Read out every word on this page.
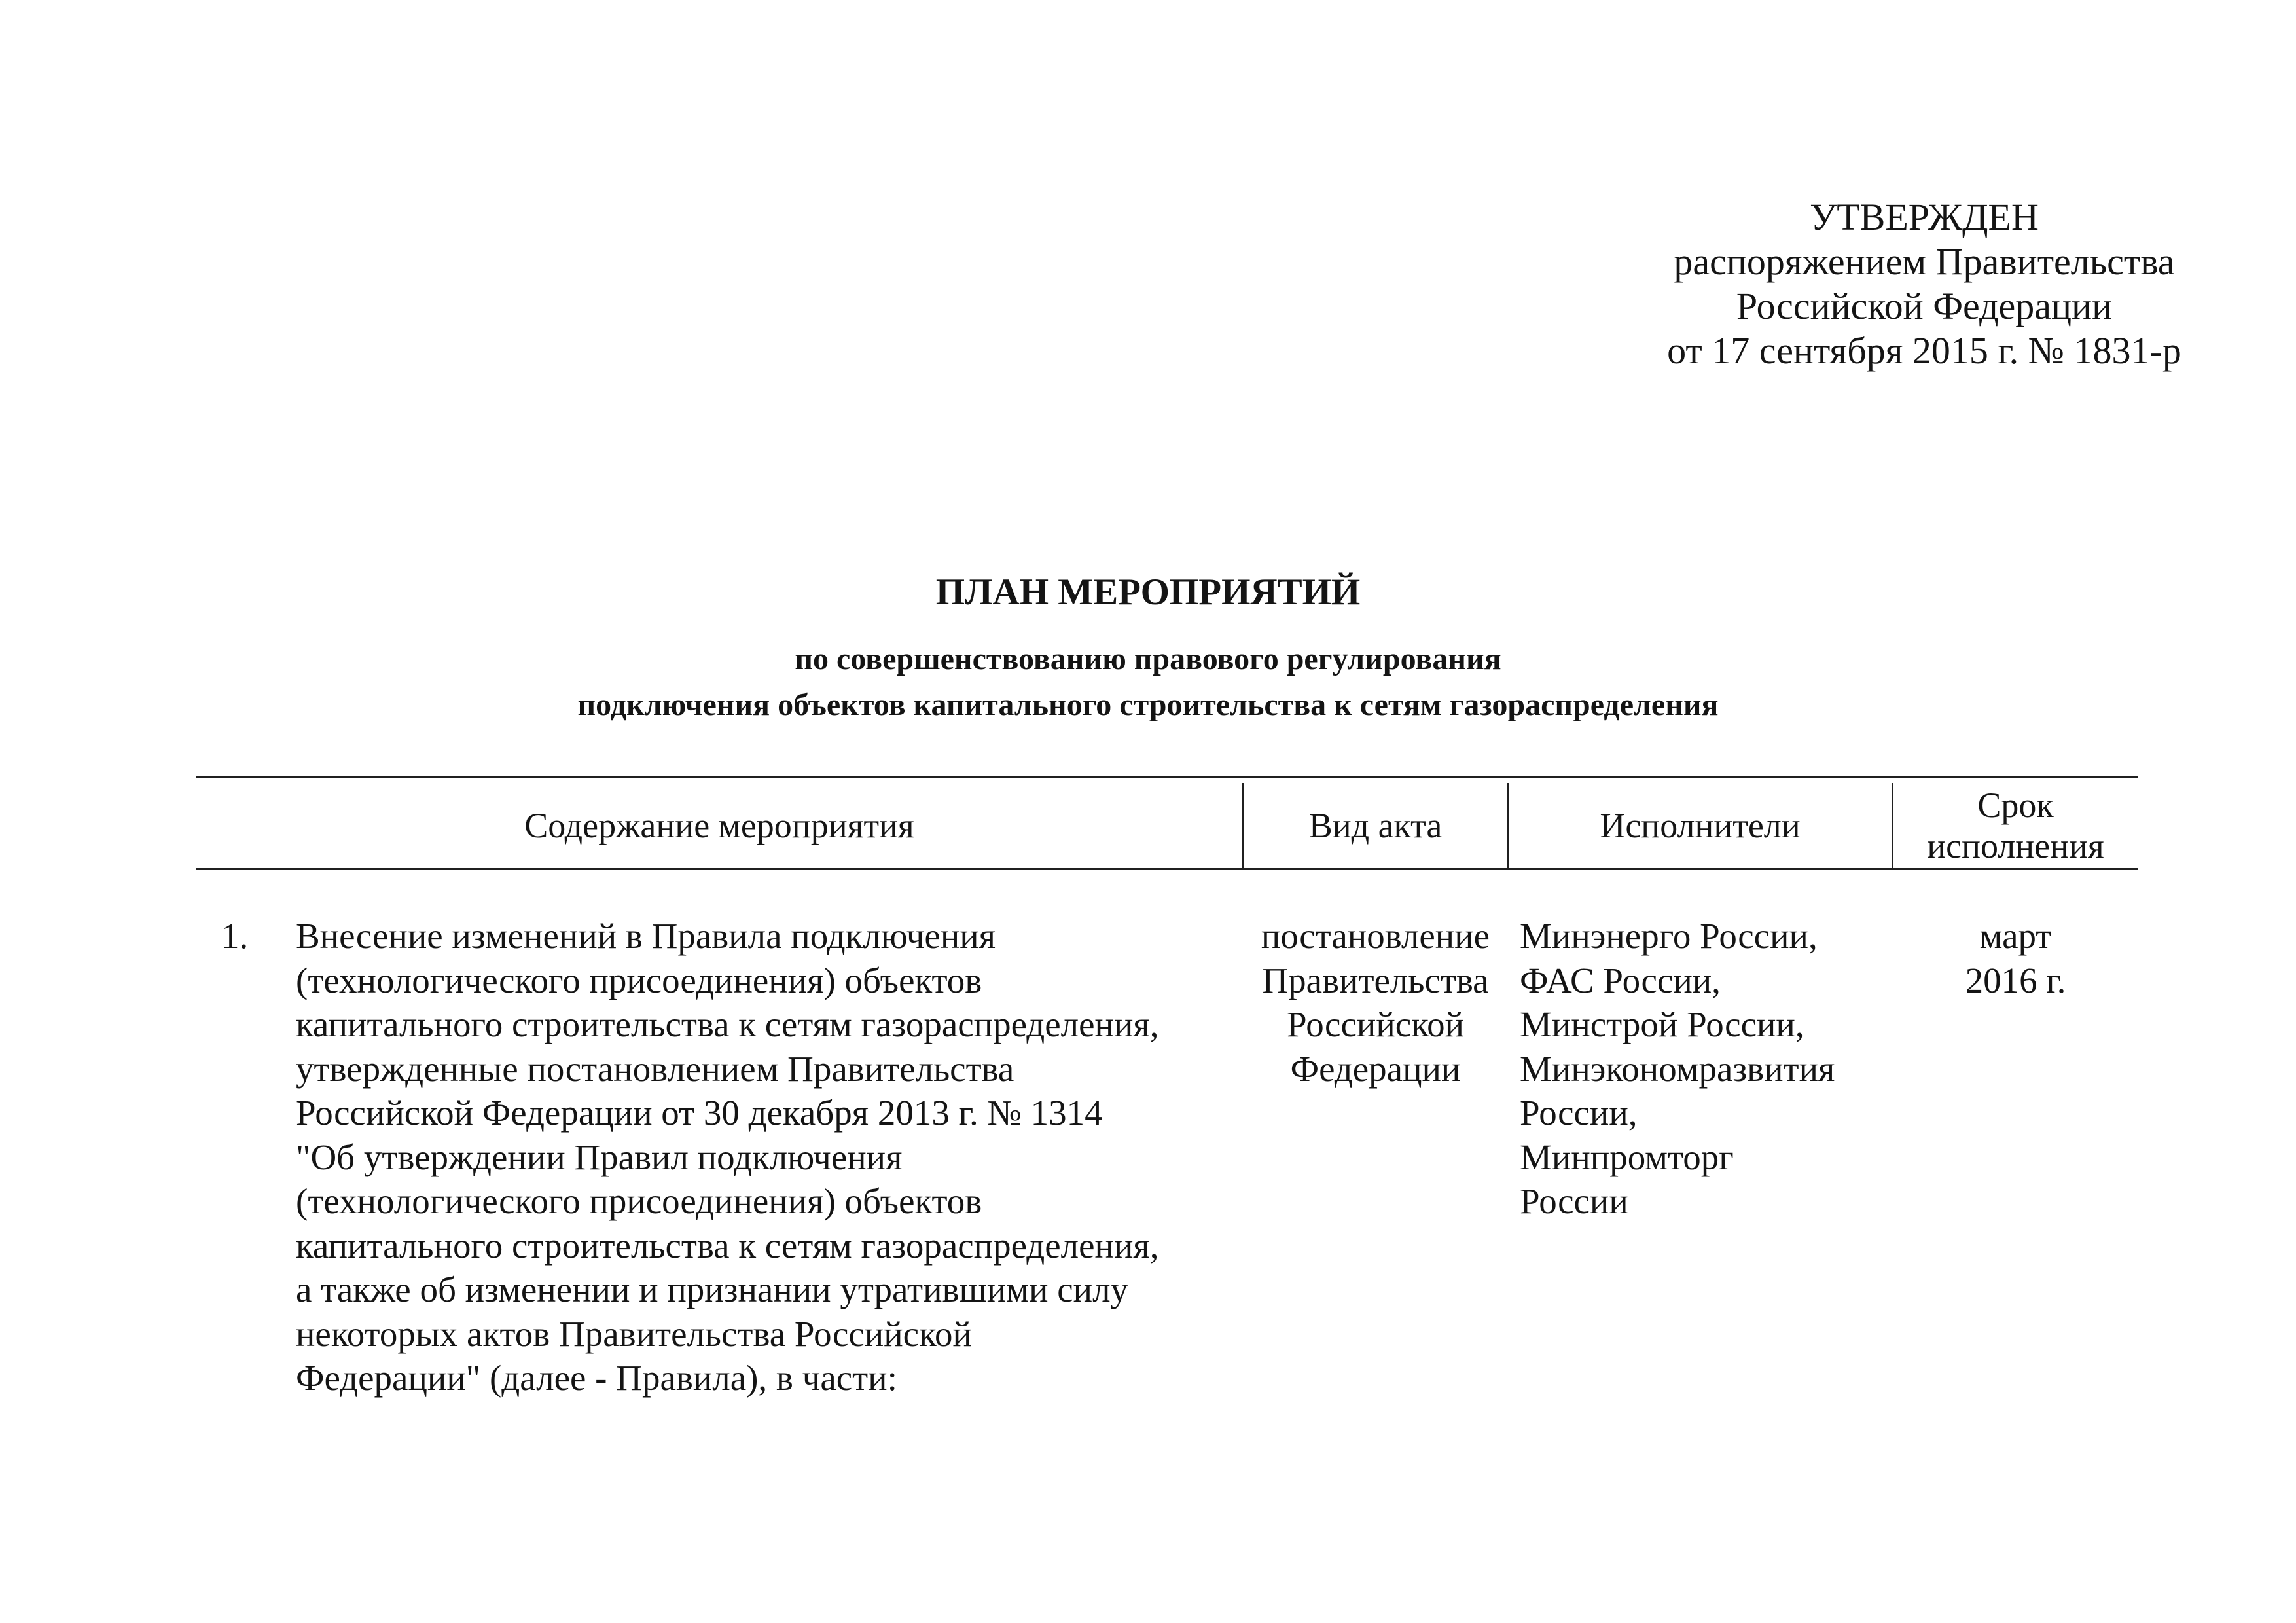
УТВЕРЖДЕН
распоряжением Правительства
Российской Федерации
от 17 сентября 2015 г. № 1831-р
ПЛАН МЕРОПРИЯТИЙ
по совершенствованию правового регулирования
подключения объектов капитального строительства к сетям газораспределения
Содержание мероприятия	Вид акта	Исполнители
Срок
исполнения
1. Внесение изменений в Правила подключения
(технологического присоединения) объектов
капитального строительства к сетям газораспределения,
утвержденные постановлением Правительства
Российской Федерации от 30 декабря 2013 г. № 1314
"Об утверждении Правил подключения
(технологического присоединения) объектов
капитального строительства к сетям газораспределения,
а также об изменении и признании утратившими силу
некоторых актов Правительства Российской
Федерации" (далее - Правила), в части:
постановление
Правительства
Российской
Федерации
Минэнерго России,
ФАС России,
Минстрой России,
Минэкономразвития
России,
Минпромторг
России
март
2016 г.
